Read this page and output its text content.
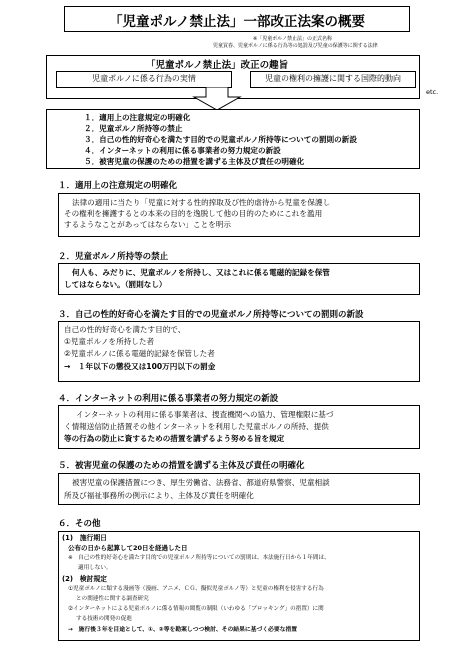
「児童ポルノ禁止法」一部改正法案の概要
※「児童ポルノ禁止法」の正式名称
児童買春、児童ポルノに係る行為等の処罰及び児童の保護等に関する法律
「児童ポルノ禁止法」改正の趣旨
児童ポルノに係る行為の実情	児童の権利の擁護に関する国際的動向
etc.
１．適用上の注意規定の明確化
２．児童ポルノ所持等の禁止
３．自己の性的好奇心を満たす目的での児童ポルノ所持等についての罰則の新設
４．インターネットの利用に係る事業者の努力規定の新設
５．被害児童の保護のための措置を講ずる主体及び責任の明確化
１．適用上の注意規定の明確化
法律の適用に当たり「児童に対する性的搾取及び性的虐待から児童を保護し
その権利を擁護するとの本来の目的を逸脱して他の目的のためにこれを濫用
するようなことがあってはならない」ことを明示
２．児童ポルノ所持等の禁止
何人も、みだりに、児童ポルノを所持し、又はこれに係る電磁的記録を保管
してはならない。（罰則なし）
３．自己の性的好奇心を満たす目的での児童ポルノ所持等についての罰則の新設
自己の性的好奇心を満たす目的で、
①児童ポルノを所持した者
②児童ポルノに係る電磁的記録を保管した者
→　１年以下の懲役又は100万円以下の罰金
４．インターネットの利用に係る事業者の努力規定の新設
インターネットの利用に係る事業者は、捜査機関への協力、管理権限に基づ
く情報送信防止措置その他インターネットを利用した児童ポルノの所持、提供
等の行為の防止に資するための措置を講ずるよう努める旨を規定
５．被害児童の保護のための措置を講ずる主体及び責任の明確化
被害児童の保護措置につき、厚生労働省、法務省、都道府県警察、児童相談
所及び福祉事務所の例示により、主体及び責任を明確化
６．その他
(1)　施行期日
公布の日から起算して20日を経過した日
※　自己の性的好奇心を満たす目的での児童ポルノ所持等についての罰則は、本法施行日から１年間は、
適用しない。
(2)　検討規定
①児童ポルノに類する漫画等（漫画、アニメ、ＣＧ、擬似児童ポルノ等）と児童の権利を侵害する行為
との関連性に関する調査研究
②インターネットによる児童ポルノに係る情報の閲覧の制限（いわゆる「ブロッキング」の措置）に関
する技術の開発の促進
→　施行後３年を目途として、①、②等を勘案しつつ検討、その結果に基づく必要な措置
